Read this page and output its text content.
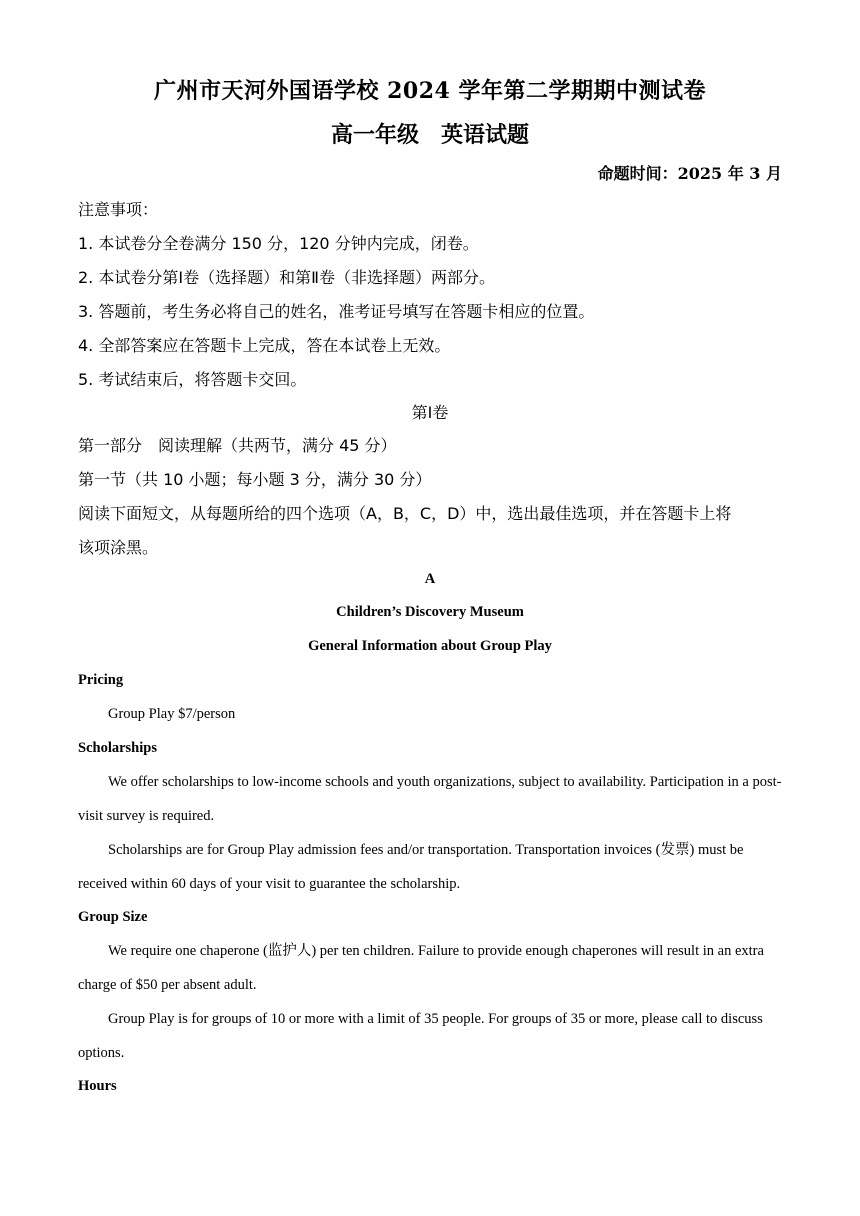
广州市天河外国语学校 2024 学年第二学期期中测试卷
高一年级 英语试题
命题时间：2025 年 3 月
注意事项：
1. 本试卷分全卷满分 150 分，120 分钟内完成，闭卷。
2. 本试卷分第Ⅰ卷（选择题）和第Ⅱ卷（非选择题）两部分。
3. 答题前，考生务必将自己的姓名，准考证号填写在答题卡相应的位置。
4. 全部答案应在答题卡上完成，答在本试卷上无效。
5. 考试结束后，将答题卡交回。
第Ⅰ卷
第一部分　阅读理解（共两节，满分 45 分）
第一节（共 10 小题；每小题 3 分，满分 30 分）
阅读下面短文，从每题所给的四个选项（A，B，C，D）中，选出最佳选项，并在答题卡上将
该项涂黑。
A
Children’s Discovery Museum
General Information about Group Play
Pricing
Group Play $7/person
Scholarships
We offer scholarships to low-income schools and youth organizations, subject to availability. Participation in a post-visit survey is required.
Scholarships are for Group Play admission fees and/or transportation. Transportation invoices (发票) must be received within 60 days of your visit to guarantee the scholarship.
Group Size
We require one chaperone (监护人) per ten children. Failure to provide enough chaperones will result in an extra charge of $50 per absent adult.
Group Play is for groups of 10 or more with a limit of 35 people. For groups of 35 or more, please call to discuss options.
Hours
